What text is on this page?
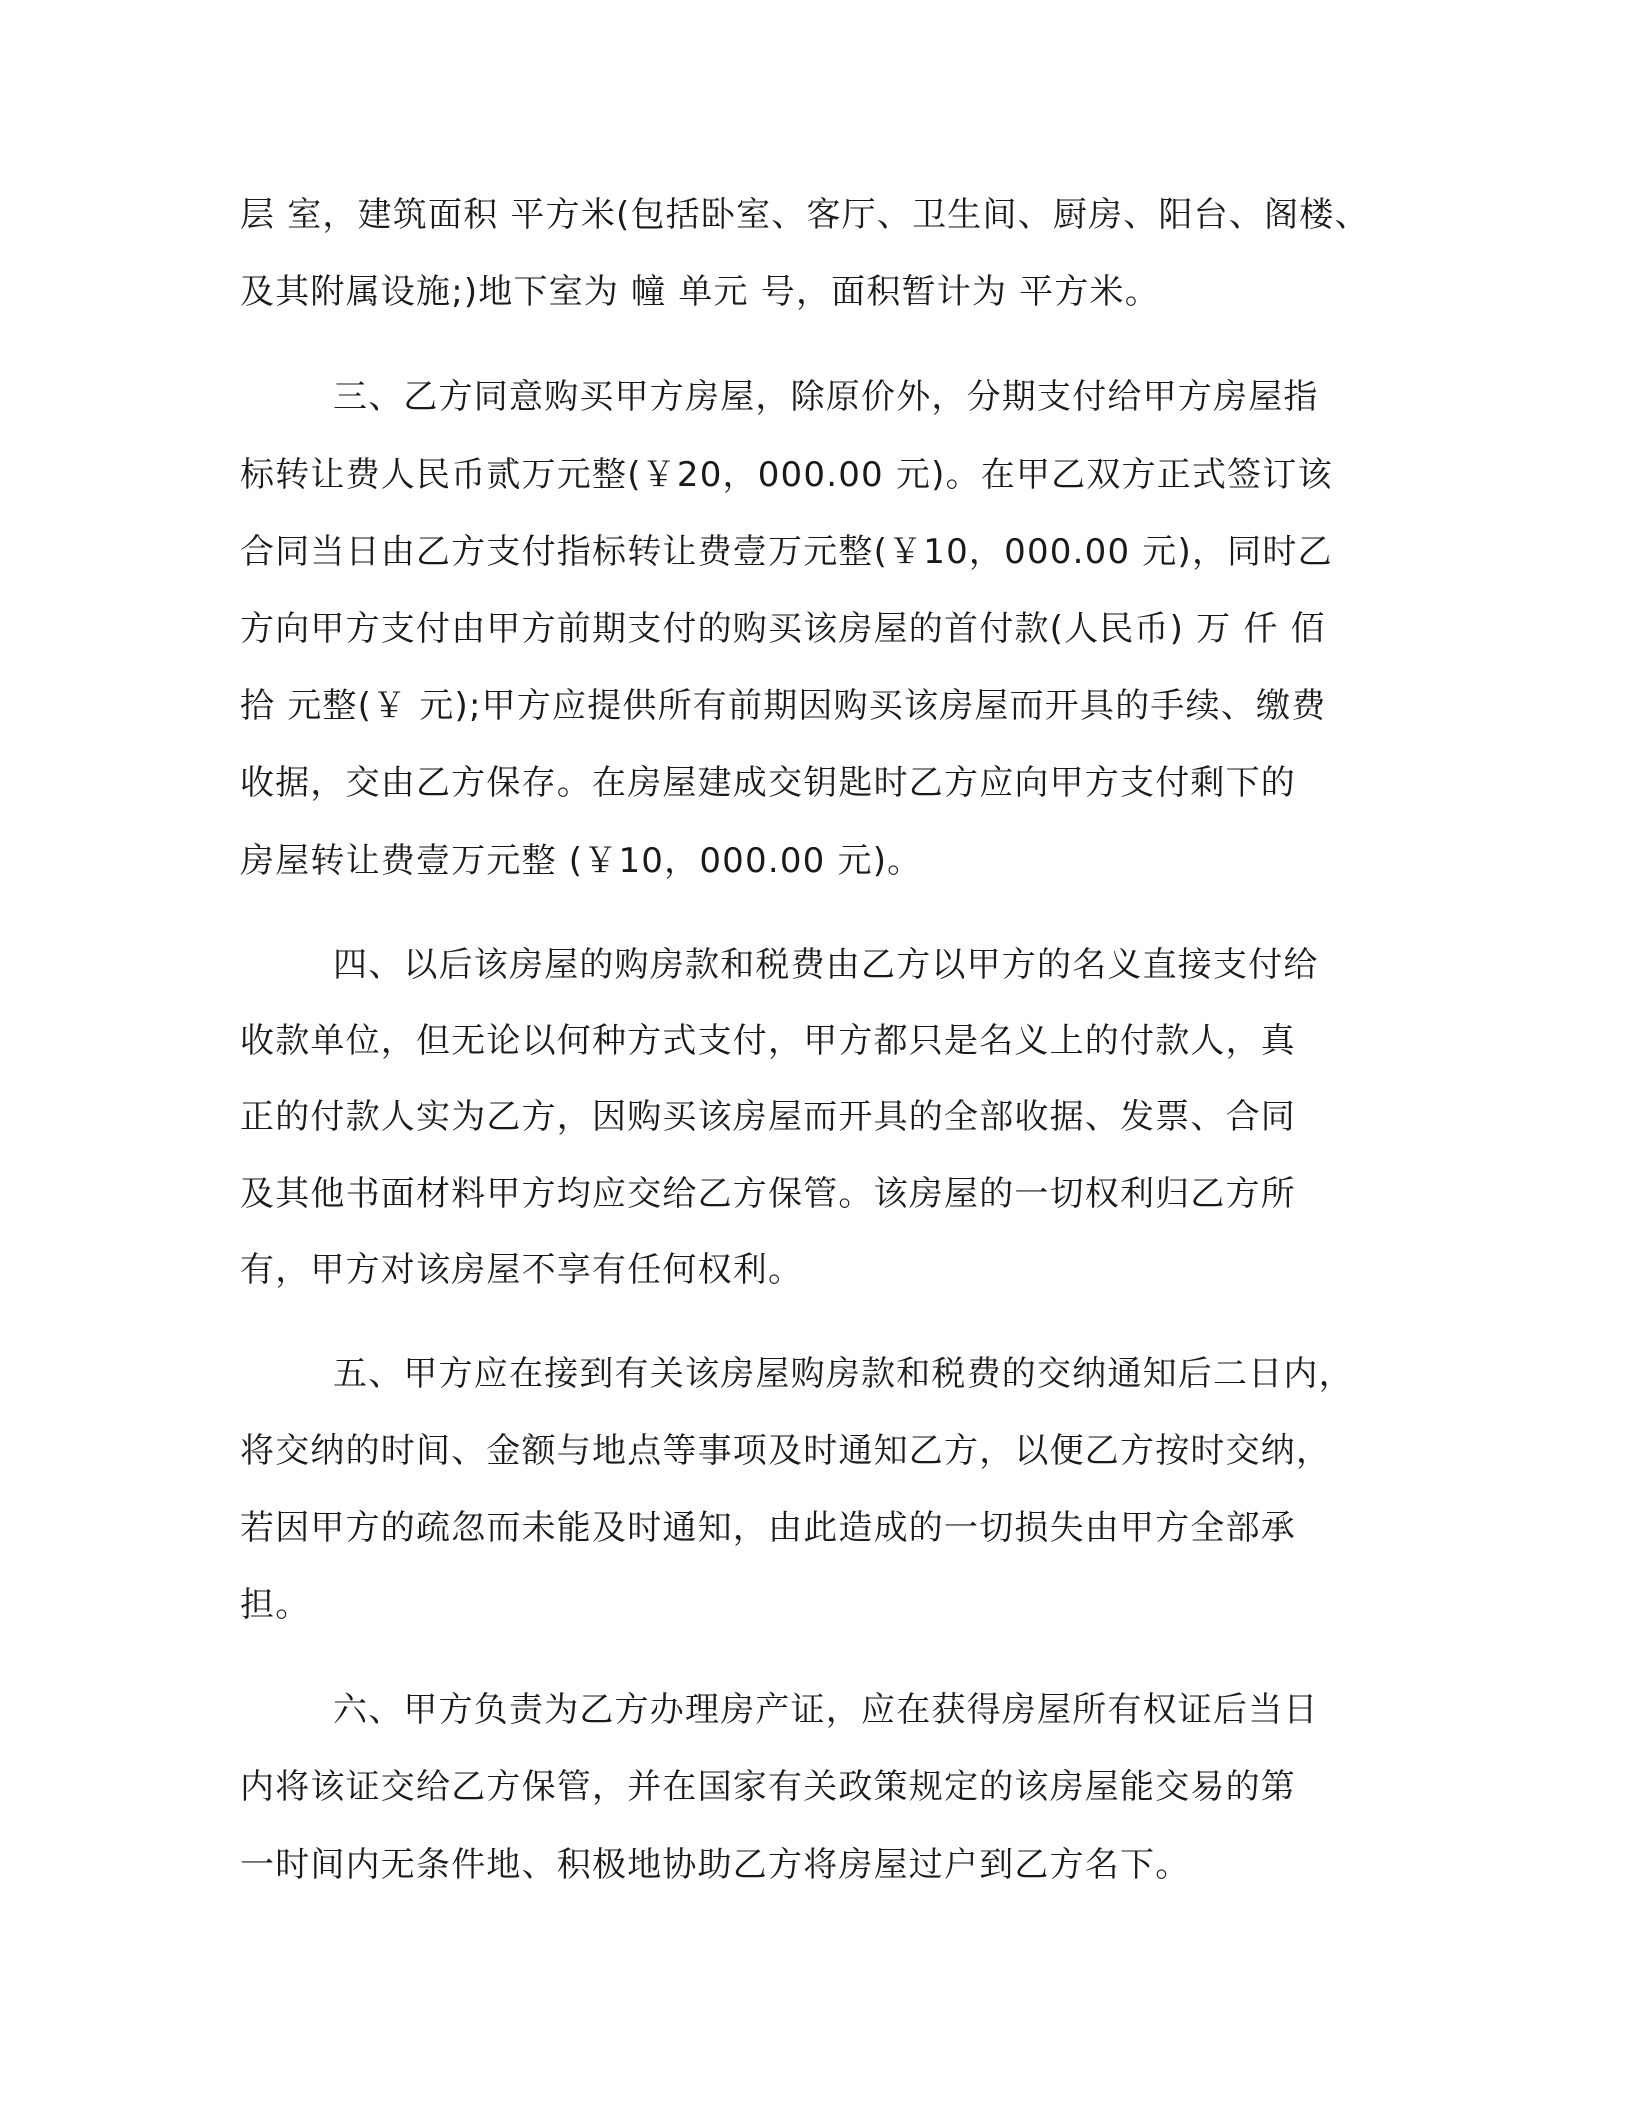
层 室，建筑面积 平方米(包括卧室、客厅、卫生间、厨房、阳台、阁楼、
及其附属设施;)地下室为 幢 单元 号，面积暂计为 平方米。
三、乙方同意购买甲方房屋，除原价外，分期支付给甲方房屋指
标转让费人民币贰万元整(￥20，000.00 元)。在甲乙双方正式签订该
合同当日由乙方支付指标转让费壹万元整(￥10，000.00 元)，同时乙
方向甲方支付由甲方前期支付的购买该房屋的首付款(人民币) 万 仟 佰
拾 元整(￥ 元);甲方应提供所有前期因购买该房屋而开具的手续、缴费
收据，交由乙方保存。在房屋建成交钥匙时乙方应向甲方支付剩下的
房屋转让费壹万元整 (￥10，000.00 元)。
四、以后该房屋的购房款和税费由乙方以甲方的名义直接支付给
收款单位，但无论以何种方式支付，甲方都只是名义上的付款人，真
正的付款人实为乙方，因购买该房屋而开具的全部收据、发票、合同
及其他书面材料甲方均应交给乙方保管。该房屋的一切权利归乙方所
有，甲方对该房屋不享有任何权利。
五、甲方应在接到有关该房屋购房款和税费的交纳通知后二日内，
将交纳的时间、金额与地点等事项及时通知乙方，以便乙方按时交纳，
若因甲方的疏忽而未能及时通知，由此造成的一切损失由甲方全部承
担。
六、甲方负责为乙方办理房产证，应在获得房屋所有权证后当日
内将该证交给乙方保管，并在国家有关政策规定的该房屋能交易的第
一时间内无条件地、积极地协助乙方将房屋过户到乙方名下。
